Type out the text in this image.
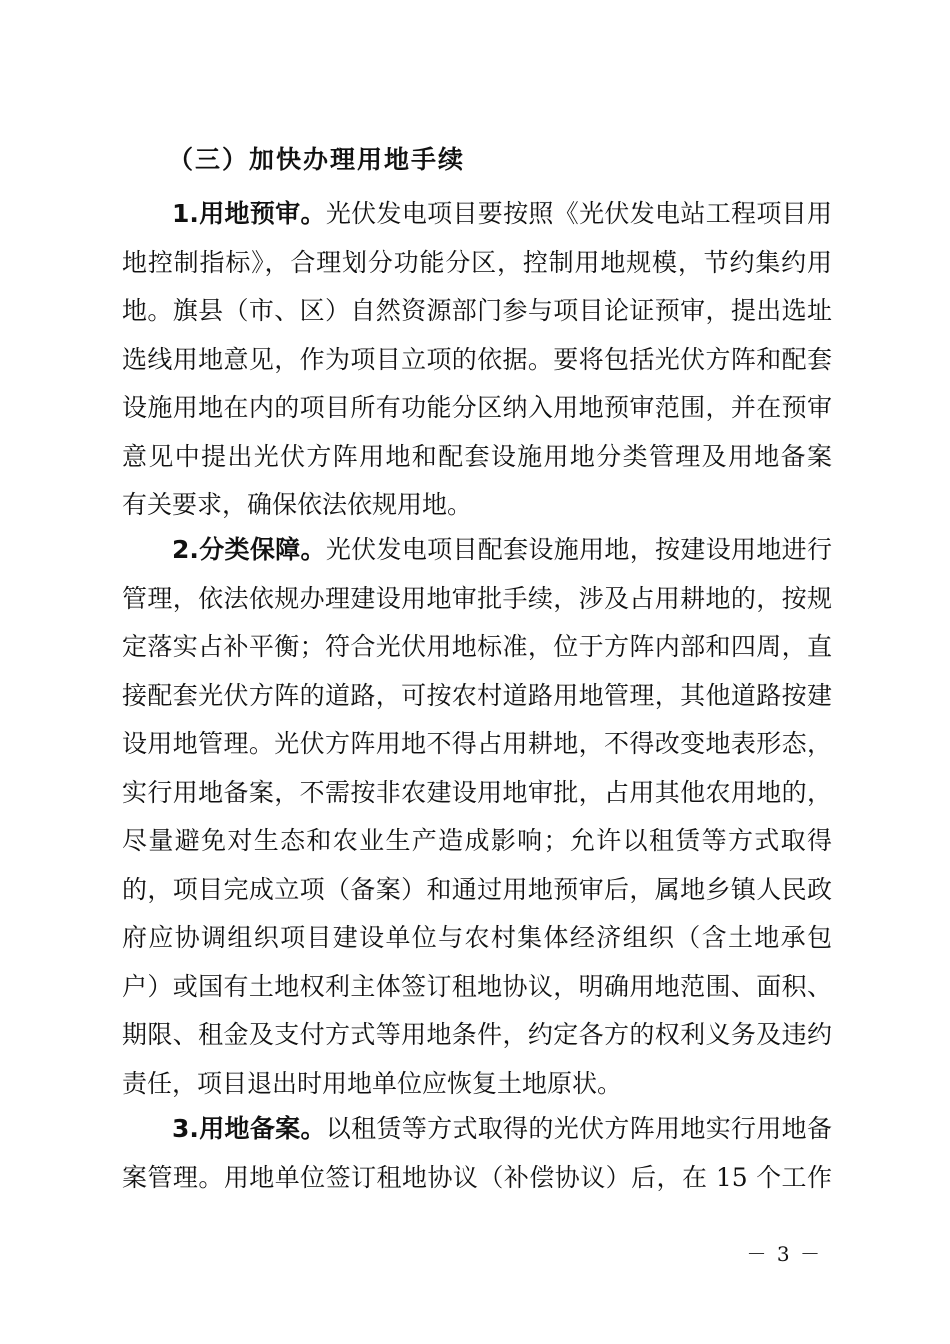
（三）加快办理用地手续
1.用地预审。光伏发电项目要按照《光伏发电站工程项目用
地控制指标》，合理划分功能分区，控制用地规模，节约集约用
地。旗县（市、区）自然资源部门参与项目论证预审，提出选址
选线用地意见，作为项目立项的依据。要将包括光伏方阵和配套
设施用地在内的项目所有功能分区纳入用地预审范围，并在预审
意见中提出光伏方阵用地和配套设施用地分类管理及用地备案
有关要求，确保依法依规用地。
2.分类保障。光伏发电项目配套设施用地，按建设用地进行
管理，依法依规办理建设用地审批手续，涉及占用耕地的，按规
定落实占补平衡；符合光伏用地标准，位于方阵内部和四周，直
接配套光伏方阵的道路，可按农村道路用地管理，其他道路按建
设用地管理。光伏方阵用地不得占用耕地，不得改变地表形态，
实行用地备案，不需按非农建设用地审批，占用其他农用地的，
尽量避免对生态和农业生产造成影响；允许以租赁等方式取得
的，项目完成立项（备案）和通过用地预审后，属地乡镇人民政
府应协调组织项目建设单位与农村集体经济组织（含土地承包
户）或国有土地权利主体签订租地协议，明确用地范围、面积、
期限、租金及支付方式等用地条件，约定各方的权利义务及违约
责任，项目退出时用地单位应恢复土地原状。
3.用地备案。以租赁等方式取得的光伏方阵用地实行用地备
案管理。用地单位签订租地协议（补偿协议）后，在 15 个工作
－ 3 －
